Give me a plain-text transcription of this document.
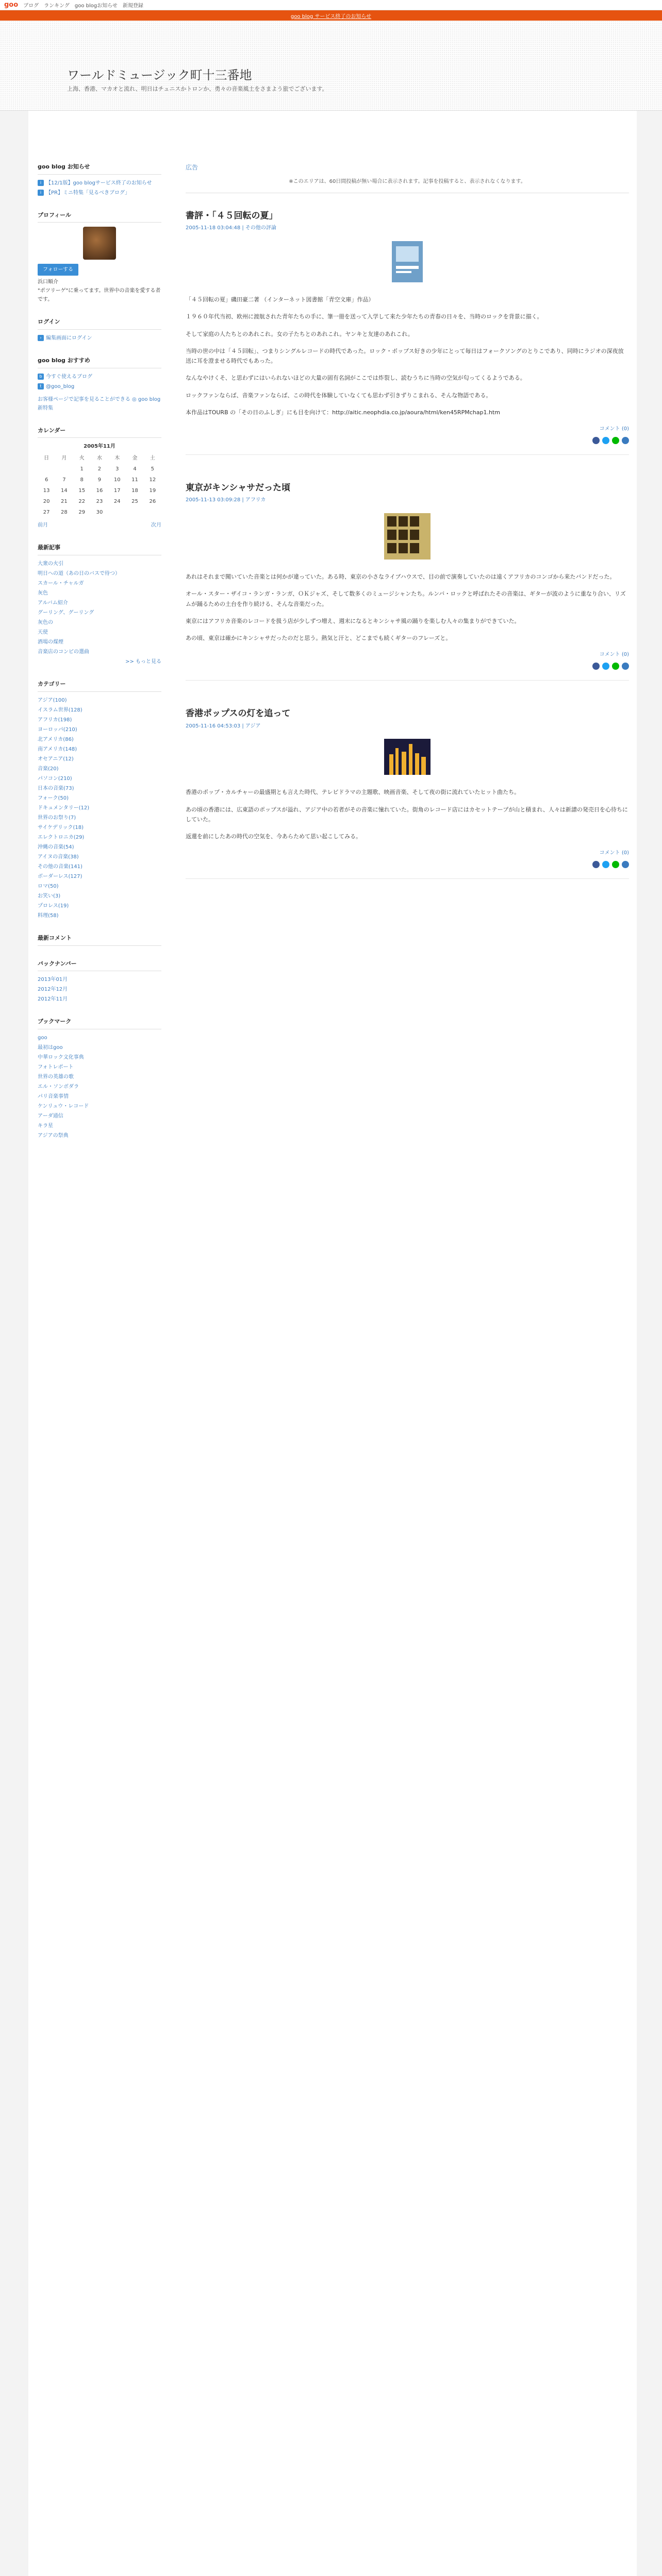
goo ブログ ランキング goo blogお知らせ 新規登録
goo blog サービス終了のお知らせ
ワールドミュージック町十三番地
上海、香港、マカオと流れ、明日はチュニスかトロンか、勇々の音楽風土をさまよう旅でございます。
goo blog お知らせ
i 【12/1版】goo blogサービス終了のお知らせ
i 【PR】ミニ特集「見るべきブログ」
プロフィール
フォローする
浜口順介
"ポツリーゲ"に乗ってます。世界中の音楽を愛する者です。
ログイン
› 編集画面にログイン
goo blog おすすめ
b 今すぐ使えるブログ
t @goo_blog
お客様ページで記事を見ることができる ◎ goo blog新特集
カレンダー
2005年11月
日	月	火	水	木	金	土
		1	2	3	4	5
6	7	8	9	10	11	12
13	14	15	16	17	18	19
20	21	22	23	24	25	26
27	28	29	30			
前月	次月
最新記事
大衆の火引
明日への道（あの日のバスで待つ）
スカール・チャルガ
灰色
アルバム紹介
グーリング、グーリング
灰色の
天使
酒場の煤煙
音楽店のコンピの選曲
>> もっと見る
カテゴリー
アジア(100)
イスラム世界(128)
アフリカ(198)
ヨーロッパ(210)
北アメリカ(86)
南アメリカ(148)
オセアニア(12)
音楽(20)
パソコン(210)
日本の音楽(73)
フォーク(50)
ドキュメンタリー(12)
世界のお祭り(7)
サイケデリック(18)
エレクトロニカ(29)
沖縄の音楽(54)
アイヌの音楽(38)
その他の音楽(141)
ボーダーレス(127)
ロマ(50)
お笑い(3)
プロレス(19)
料理(58)
最新コメント
バックナンバー
2013年01月
2012年12月
2012年11月
ブックマーク
goo
最初はgoo
中華ロック文化事典
フォトレポート
世界の英雄の歌
エル・ソンボダラ
パリ音楽事情
ケンリュウ・レコード
アーダ通信
キラ星
アジアの祭典
広告
※このエリアは、60日間投稿が無い場合に表示されます。記事を投稿すると、表示されなくなります。
書評・「４５回転の夏」
2005-11-18 03:04:48 | その他の評論

「４５回転の夏」磯田豪二著 （インターネット図書館「青空文庫」作品）

１９６０年代当初、欧州に渡航された青年たちの手に、筆一冊を送って入学して来た少年たちの青春の日々を、当時のロックを背景に描く。

そして家庭の人たちとのあれこれ。女の子たちとのあれこれ。ヤンキと友達のあれこれ。

当時の世の中は「４５回転」、つまりシングルレコードの時代であった。ロック・ポップス好きの少年にとって毎日はフォークソングのとりこであり、同時にラジオの深夜放送に耳を澄ませる時代でもあった。

なんなやけくそ、と思わずにはいられないほどの大量の固有名詞がここでは炸裂し、読むうちに当時の空気が匂ってくるようである。

ロックファンならば、音楽ファンならば、この時代を体験していなくても思わず引きずりこまれる、そんな物語である。

本作品はTOURB の「その日のふしぎ」にも目を向けて：http://aitic.neophdia.co.jp/aoura/html/ken45RPMchap1.htm

コメント (0)
東京がキンシャサだった頃
2005-11-13 03:09:28 | アフリカ

あれはそれまで聞いていた音楽とは何かが違っていた。ある時、東京の小さなライブハウスで、目の前で演奏していたのは遠くアフリカのコンゴから来たバンドだった。

オール・スター・ザイコ・ランガ・ランガ、ＯＫジャズ、そして数多くのミュージシャンたち。ルンバ・ロックと呼ばれたその音楽は、ギターが波のように重なり合い、リズムが踊るための土台を作り続ける、そんな音楽だった。

東京にはアフリカ音楽のレコードを扱う店が少しずつ増え、週末になるとキンシャサ風の踊りを楽しむ人々の集まりができていた。

あの頃、東京は確かにキンシャサだったのだと思う。熱気と汗と、どこまでも続くギターのフレーズと。

コメント (0)
香港ポップスの灯を追って
2005-11-16 04:53:03 | アジア

香港のポップ・カルチャーの最盛期とも言えた時代、テレビドラマの主題歌、映画音楽、そして夜の街に流れていたヒット曲たち。

あの頃の香港には、広東語のポップスが溢れ、アジア中の若者がその音楽に憧れていた。街角のレコード店にはカセットテープが山と積まれ、人々は新譜の発売日を心待ちにしていた。

返還を前にしたあの時代の空気を、今あらためて思い起こしてみる。

コメント (0)
